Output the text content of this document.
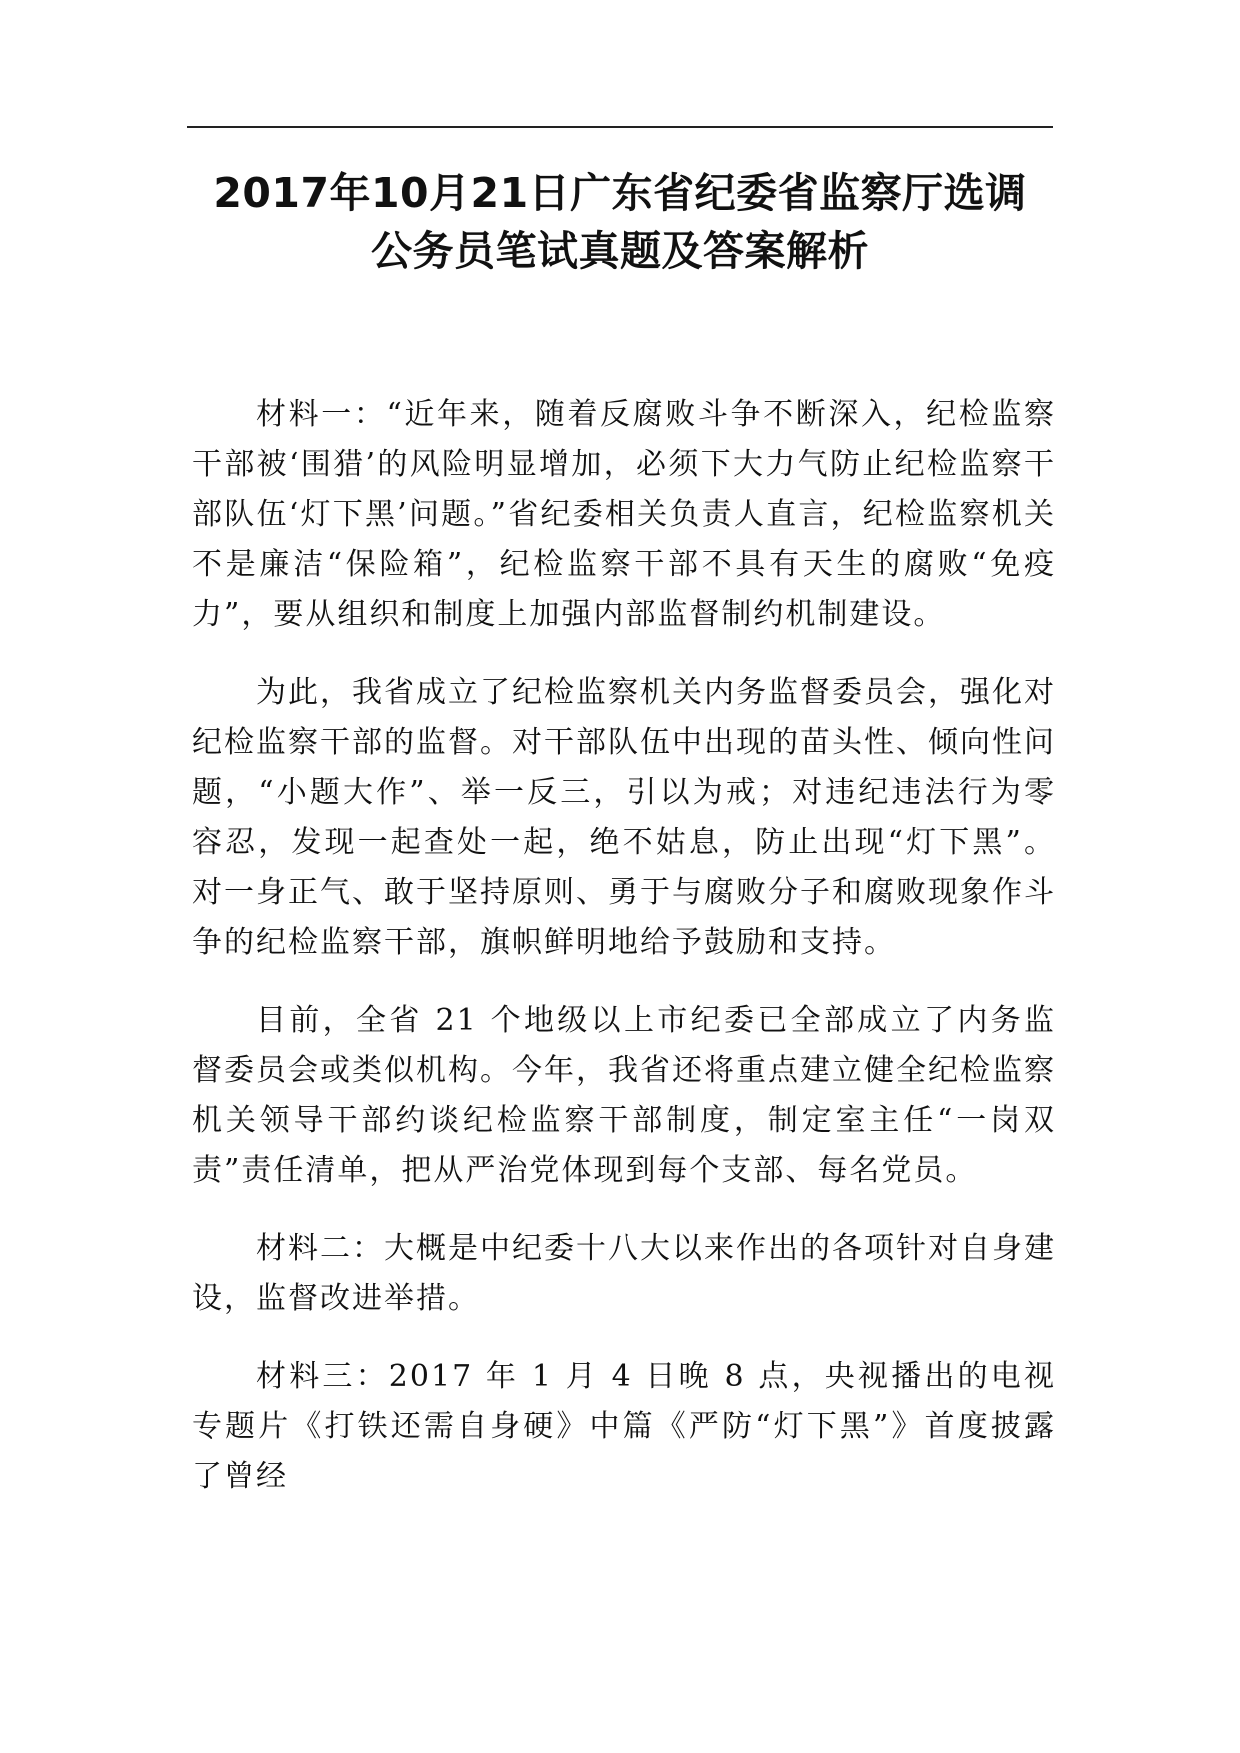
2017年10月21日广东省纪委省监察厅选调
公务员笔试真题及答案解析

材料一：“近年来，随着反腐败斗争不断深入，纪检监察干部被‘围猎’的风险明显增加，必须下大力气防止纪检监察干部队伍‘灯下黑’问题。”省纪委相关负责人直言，纪检监察机关不是廉洁“保险箱”，纪检监察干部不具有天生的腐败“免疫力”，要从组织和制度上加强内部监督制约机制建设。

为此，我省成立了纪检监察机关内务监督委员会，强化对纪检监察干部的监督。对干部队伍中出现的苗头性、倾向性问题，“小题大作”、举一反三，引以为戒；对违纪违法行为零容忍，发现一起查处一起，绝不姑息，防止出现“灯下黑”。对一身正气、敢于坚持原则、勇于与腐败分子和腐败现象作斗争的纪检监察干部，旗帜鲜明地给予鼓励和支持。

目前，全省 21 个地级以上市纪委已全部成立了内务监督委员会或类似机构。今年，我省还将重点建立健全纪检监察机关领导干部约谈纪检监察干部制度，制定室主任“一岗双责”责任清单，把从严治党体现到每个支部、每名党员。

材料二：大概是中纪委十八大以来作出的各项针对自身建设，监督改进举措。

材料三：2017 年 1 月 4 日晚 8 点，央视播出的电视专题片《打铁还需自身硬》中篇《严防“灯下黑”》首度披露了曾经
